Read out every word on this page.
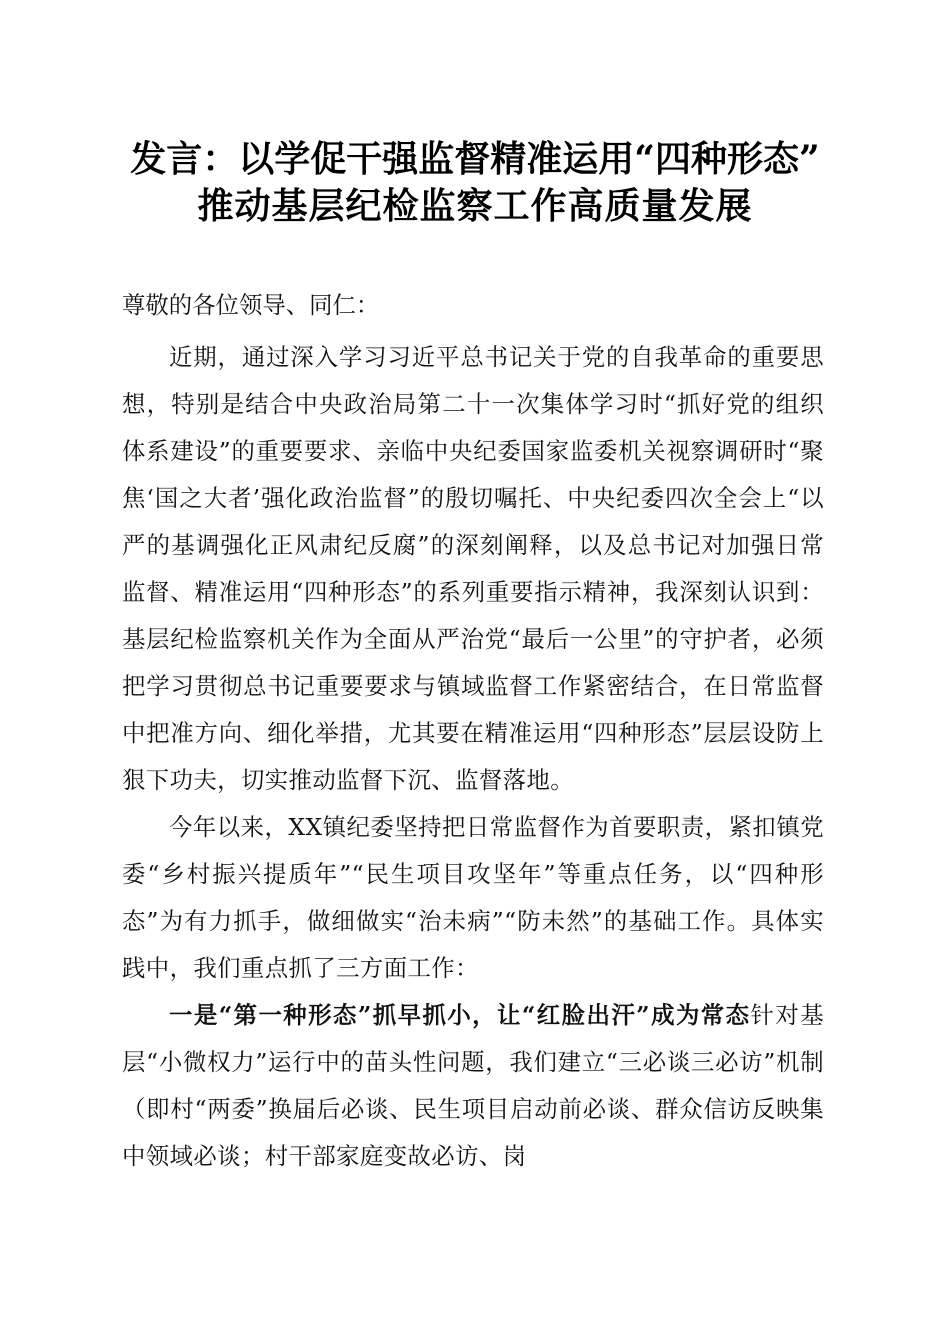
发言：以学促干强监督精准运用“四种形态”
推动基层纪检监察工作高质量发展

尊敬的各位领导、同仁：

近期，通过深入学习习近平总书记关于党的自我革命的重要思想，特别是结合中央政治局第二十一次集体学习时“抓好党的组织体系建设”的重要要求、亲临中央纪委国家监委机关视察调研时“聚焦‘国之大者’强化政治监督”的殷切嘱托、中央纪委四次全会上“以严的基调强化正风肃纪反腐”的深刻阐释，以及总书记对加强日常监督、精准运用“四种形态”的系列重要指示精神，我深刻认识到：基层纪检监察机关作为全面从严治党“最后一公里”的守护者，必须把学习贯彻总书记重要要求与镇域监督工作紧密结合，在日常监督中把准方向、细化举措，尤其要在精准运用“四种形态”层层设防上狠下功夫，切实推动监督下沉、监督落地。

今年以来，XX镇纪委坚持把日常监督作为首要职责，紧扣镇党委“乡村振兴提质年”“民生项目攻坚年”等重点任务，以“四种形态”为有力抓手，做细做实“治未病”“防未然”的基础工作。具体实践中，我们重点抓了三方面工作：

一是“第一种形态”抓早抓小，让“红脸出汗”成为常态针对基层“小微权力”运行中的苗头性问题，我们建立“三必谈三必访”机制（即村“两委”换届后必谈、民生项目启动前必谈、群众信访反映集中领域必谈；村干部家庭变故必访、岗
